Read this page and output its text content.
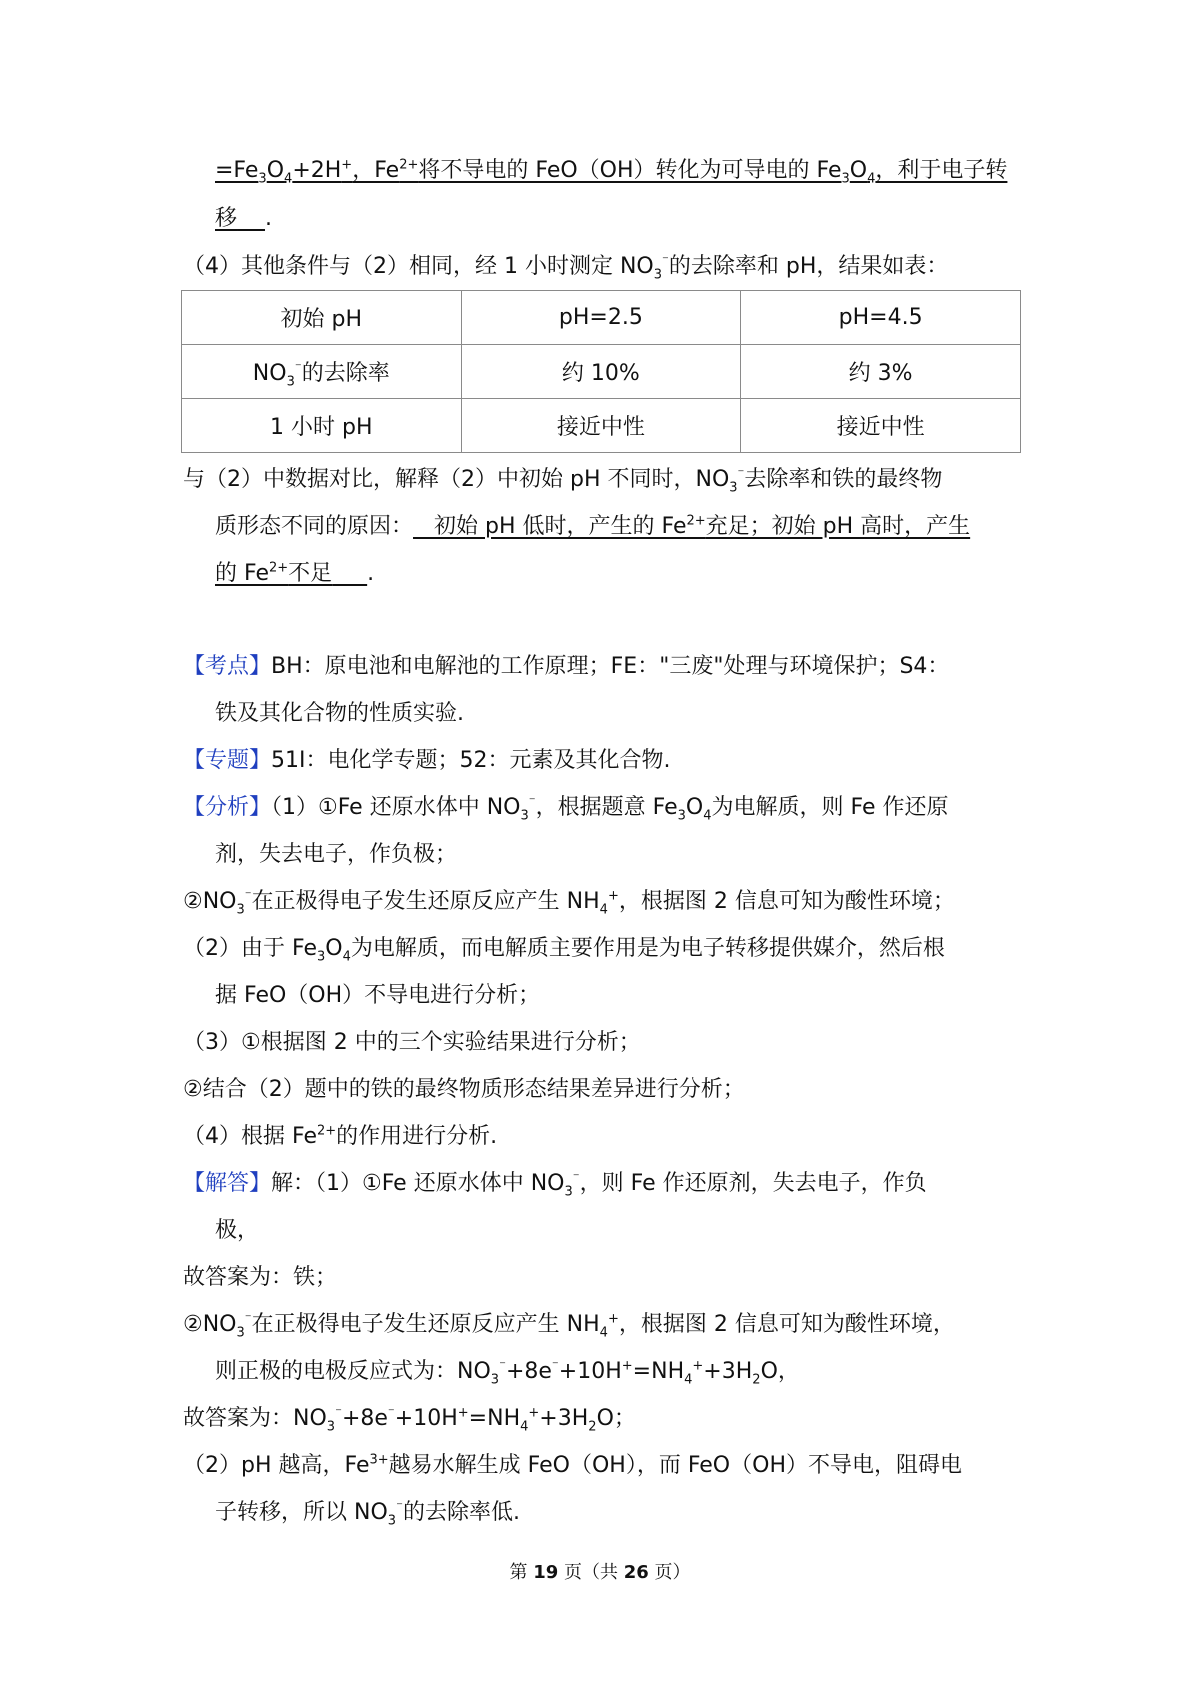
$=Fe_3O_4+2H^+$，$Fe^{2+}$将不导电的 FeO（OH）转化为可导电的 $Fe_3O_4$，利于电子转
移 .
（4）其他条件与（2）相同，经 1 小时测定 $NO_3^{^-}$的去除率和 pH，结果如表：
初始 pH	pH=2.5	pH=4.5
$NO_3^{^-}$的去除率	约 10%	约 3%
1 小时 pH	接近中性	接近中性
与（2）中数据对比，解释（2）中初始 pH 不同时，$NO_3^{^-}$去除率和铁的最终物
质形态不同的原因： 初始 pH 低时，产生的 $Fe^{2+}$充足；初始 pH 高时，产生
的 $Fe^{2+}$不足 .
【考点】BH：原电池和电解池的工作原理；FE："三废"处理与环境保护；S4：
铁及其化合物的性质实验.
【专题】51I：电化学专题；52：元素及其化合物.
【分析】（1）①Fe 还原水体中 $NO_3^{^-}$，根据题意 $Fe_3O_4$为电解质，则 Fe 作还原
剂，失去电子，作负极；
$②NO_3^{^-}$在正极得电子发生还原反应产生 $NH_4^+$，根据图 2 信息可知为酸性环境；
（2）由于 $Fe_3O_4$为电解质，而电解质主要作用是为电子转移提供媒介，然后根
据 FeO（OH）不导电进行分析；
（3）①根据图 2 中的三个实验结果进行分析；
②结合（2）题中的铁的最终物质形态结果差异进行分析；
（4）根据 $Fe^{2+}$的作用进行分析.
【解答】解：（1）①Fe 还原水体中 $NO_3^{^-}$，则 Fe 作还原剂，失去电子，作负
极，
故答案为：铁；
$②NO_3^{^-}$在正极得电子发生还原反应产生 $NH_4^+$，根据图 2 信息可知为酸性环境，
则正极的电极反应式为：$NO_3^{^-}+8e^{^-}+10H^+=NH_4^++3H_2O$，
故答案为：$NO_3^{^-}+8e^{^-}+10H^+=NH_4^++3H_2O$；
（2）pH 越高，$Fe^{3+}$越易水解生成 FeO（OH），而 FeO（OH）不导电，阻碍电
子转移，所以 $NO_3^{^-}$的去除率低.
第 19 页（共 26 页）
